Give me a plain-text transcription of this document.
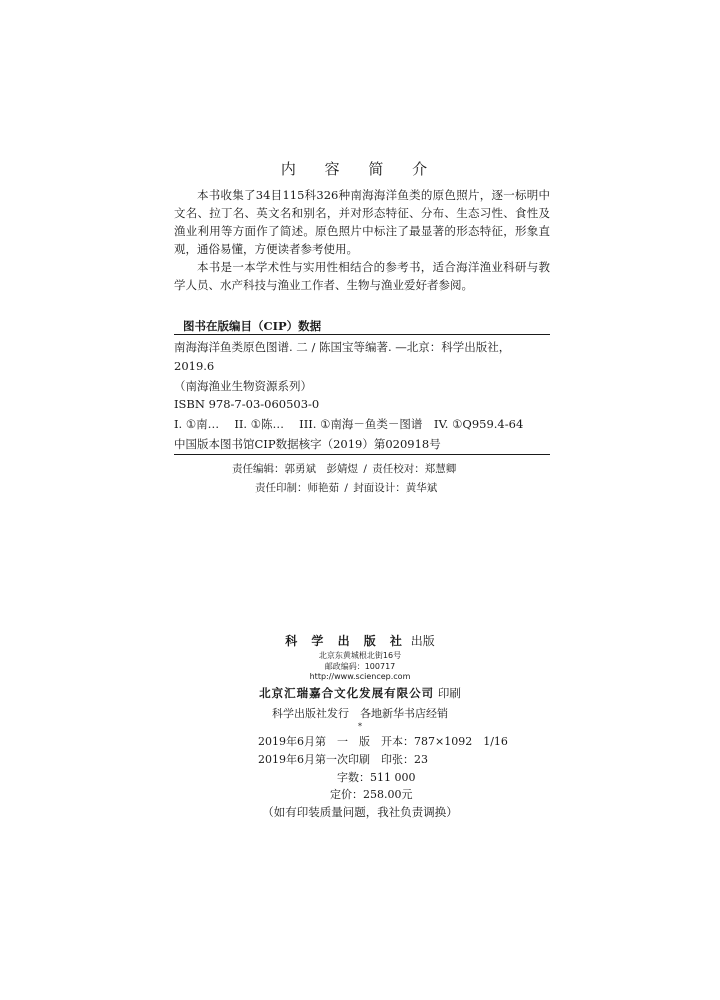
内 容 简 介

本书收集了34目115科326种南海海洋鱼类的原色照片，逐一标明中文名、拉丁名、英文名和别名，并对形态特征、分布、生态习性、食性及渔业利用等方面作了简述。原色照片中标注了最显著的形态特征，形象直观，通俗易懂，方便读者参考使用。

本书是一本学术性与实用性相结合的参考书，适合海洋渔业科研与教学人员、水产科技与渔业工作者、生物与渔业爱好者参阅。

图书在版编目（CIP）数据
南海海洋鱼类原色图谱. 二 / 陈国宝等编著. —北京：科学出版社，
2019.6
（南海渔业生物资源系列）
ISBN 978-7-03-060503-0
I. ①南…　 II. ①陈…　 III. ①南海－鱼类－图谱　IV. ①Q959.4-64
中国版本图书馆CIP数据核字（2019）第020918号
责任编辑：郭勇斌　彭婧煜 / 责任校对：郑慧卿
责任印制：师艳茹 / 封面设计：黄华斌
科 学 出 版 社 出版
北京东黄城根北街16号
邮政编码：100717
http://www.sciencep.com
北京汇瑞嘉合文化发展有限公司 印刷
科学出版社发行　各地新华书店经销
*
2019年6月第　一　版　开本：787×1092　1/16
2019年6月第一次印刷　印张：23
字数：511 000
定价：258.00元
（如有印装质量问题，我社负责调换）
